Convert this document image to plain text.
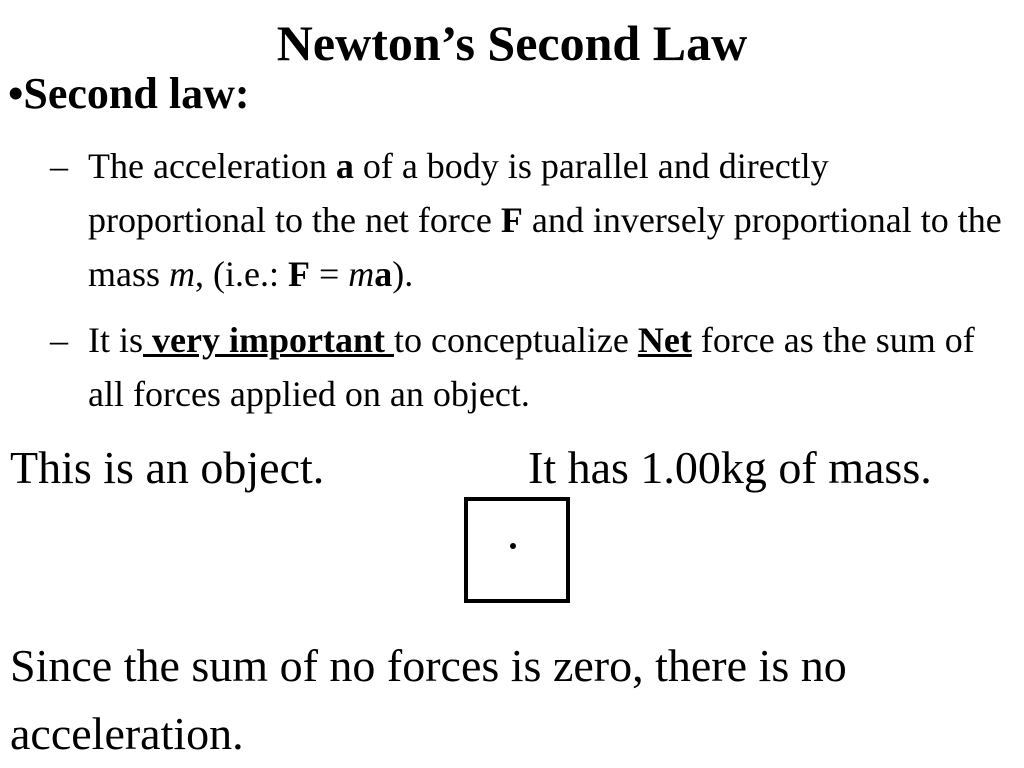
Newton’s Second Law
•Second law:
– The acceleration a of a body is parallel and directly proportional to the net force F and inversely proportional to the mass m, (i.e.: F = ma).
– It is very important to conceptualize Net force as the sum of all forces applied on an object.
This is an object.	It has 1.00kg of mass.
Since the sum of no forces is zero, there is no acceleration.
